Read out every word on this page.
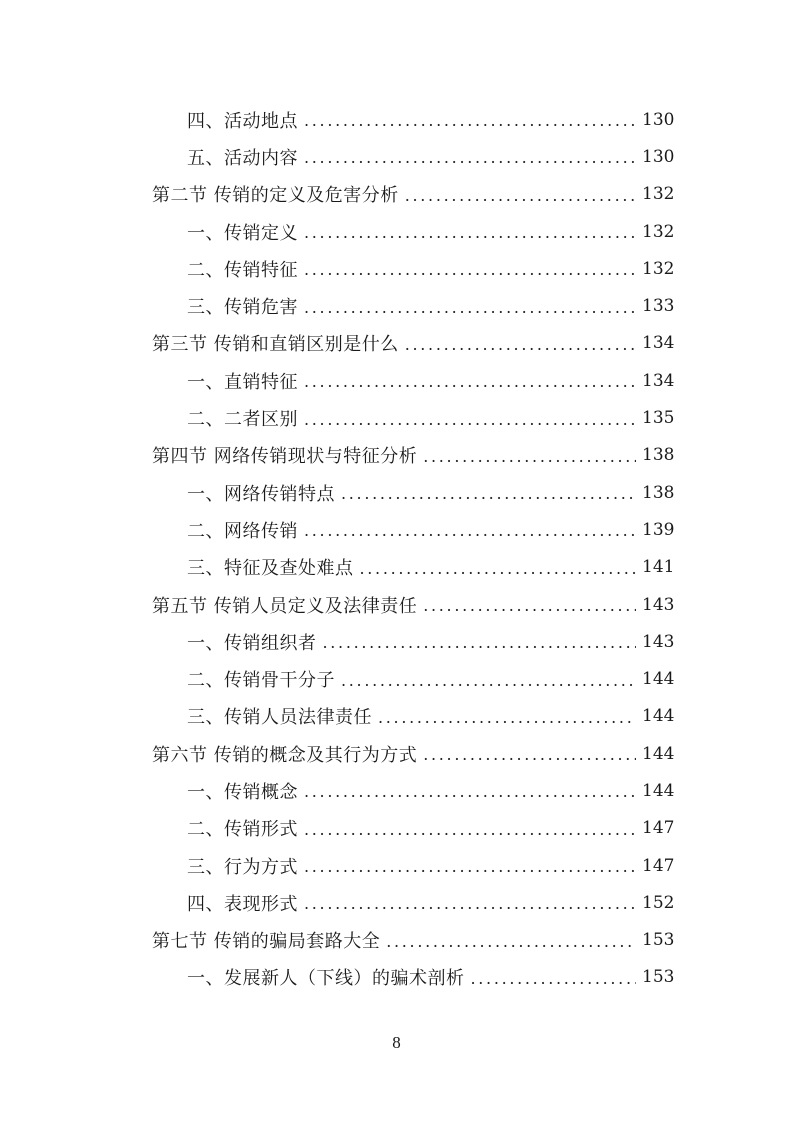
四、活动地点 . . .	130
五、活动内容 . . .	130
第二节 传销的定义及危害分析 . . .	132
一、传销定义 . . .	132
二、传销特征 . . .	132
三、传销危害 . . .	133
第三节 传销和直销区别是什么 . . .	134
一、直销特征 . . .	134
二、二者区别 . . .	135
第四节 网络传销现状与特征分析 . . .	138
一、网络传销特点 . . .	138
二、网络传销 . . .	139
三、特征及查处难点 . . .	141
第五节 传销人员定义及法律责任 . . .	143
一、传销组织者 . . .	143
二、传销骨干分子 . . .	144
三、传销人员法律责任 . . .	144
第六节 传销的概念及其行为方式 . . .	144
一、传销概念 . . .	144
二、传销形式 . . .	147
三、行为方式 . . .	147
四、表现形式 . . .	152
第七节 传销的骗局套路大全 . . .	153
一、发展新人（下线）的骗术剖析 . . .	153
8
